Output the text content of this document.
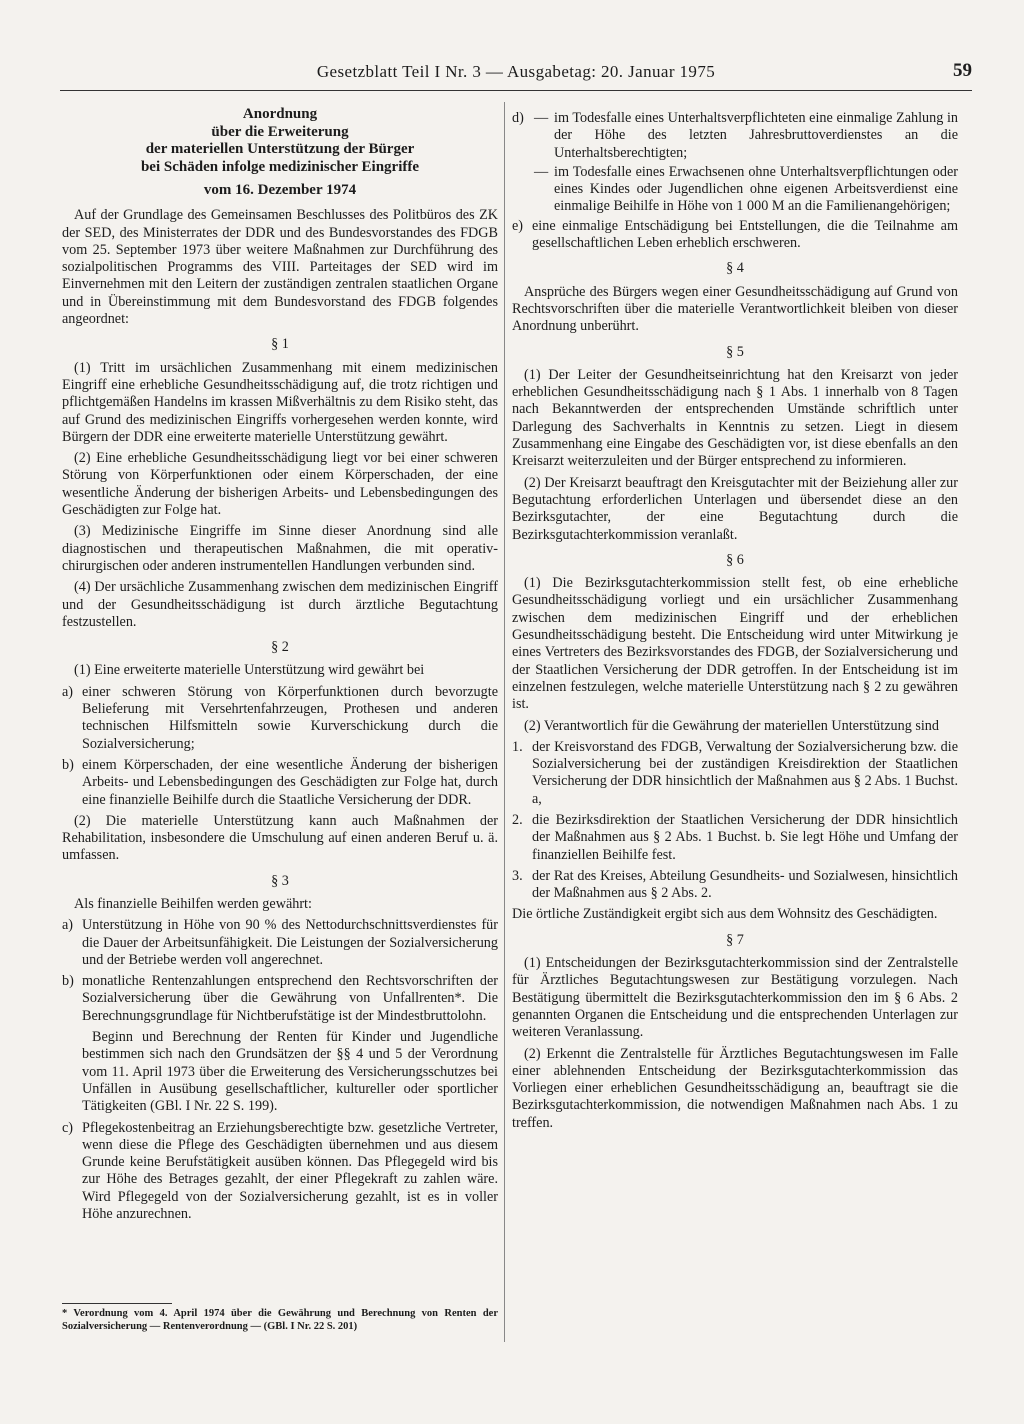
Gesetzblatt Teil I Nr. 3 — Ausgabetag: 20. Januar 1975	59
Anordnung
über die Erweiterung
der materiellen Unterstützung der Bürger
bei Schäden infolge medizinischer Eingriffe
vom 16. Dezember 1974

Auf der Grundlage des Gemeinsamen Beschlusses des Politbüros des ZK der SED, des Ministerrates der DDR und des Bundesvorstandes des FDGB vom 25. September 1973 über weitere Maßnahmen zur Durchführung des sozialpolitischen Programms des VIII. Parteitages der SED wird im Einvernehmen mit den Leitern der zuständigen zentralen staatlichen Organe und in Übereinstimmung mit dem Bundesvorstand des FDGB folgendes angeordnet:

§ 1

(1) Tritt im ursächlichen Zusammenhang mit einem medizinischen Eingriff eine erhebliche Gesundheitsschädigung auf, die trotz richtigen und pflichtgemäßen Handelns im krassen Mißverhältnis zu dem Risiko steht, das auf Grund des medizinischen Eingriffs vorhergesehen werden konnte, wird Bürgern der DDR eine erweiterte materielle Unterstützung gewährt.

(2) Eine erhebliche Gesundheitsschädigung liegt vor bei einer schweren Störung von Körperfunktionen oder einem Körperschaden, der eine wesentliche Änderung der bisherigen Arbeits- und Lebensbedingungen des Geschädigten zur Folge hat.

(3) Medizinische Eingriffe im Sinne dieser Anordnung sind alle diagnostischen und therapeutischen Maßnahmen, die mit operativ-chirurgischen oder anderen instrumentellen Handlungen verbunden sind.

(4) Der ursächliche Zusammenhang zwischen dem medizinischen Eingriff und der Gesundheitsschädigung ist durch ärztliche Begutachtung festzustellen.

§ 2

(1) Eine erweiterte materielle Unterstützung wird gewährt bei

a) einer schweren Störung von Körperfunktionen durch bevorzugte Belieferung mit Versehrtenfahrzeugen, Prothesen und anderen technischen Hilfsmitteln sowie Kurverschickung durch die Sozialversicherung;
b) einem Körperschaden, der eine wesentliche Änderung der bisherigen Arbeits- und Lebensbedingungen des Geschädigten zur Folge hat, durch eine finanzielle Beihilfe durch die Staatliche Versicherung der DDR.

(2) Die materielle Unterstützung kann auch Maßnahmen der Rehabilitation, insbesondere die Umschulung auf einen anderen Beruf u. ä. umfassen.

§ 3

Als finanzielle Beihilfen werden gewährt:

a) Unterstützung in Höhe von 90 % des Nettodurchschnittsverdienstes für die Dauer der Arbeitsunfähigkeit. Die Leistungen der Sozialversicherung und der Betriebe werden voll angerechnet.
b) monatliche Rentenzahlungen entsprechend den Rechtsvorschriften der Sozialversicherung über die Gewährung von Unfallrenten*. Die Berechnungsgrundlage für Nichtberufstätige ist der Mindestbruttolohn.

Beginn und Berechnung der Renten für Kinder und Jugendliche bestimmen sich nach den Grundsätzen der §§ 4 und 5 der Verordnung vom 11. April 1973 über die Erweiterung des Versicherungsschutzes bei Unfällen in Ausübung gesellschaftlicher, kultureller oder sportlicher Tätigkeiten (GBl. I Nr. 22 S. 199).

c) Pflegekostenbeitrag an Erziehungsberechtigte bzw. gesetzliche Vertreter, wenn diese die Pflege des Geschädigten übernehmen und aus diesem Grunde keine Berufstätigkeit ausüben können. Das Pflegegeld wird bis zur Höhe des Betrages gezahlt, der einer Pflegekraft zu zahlen wäre. Wird Pflegegeld von der Sozialversicherung gezahlt, ist es in voller Höhe anzurechnen.
* Verordnung vom 4. April 1974 über die Gewährung und Berechnung von Renten der Sozialversicherung — Rentenverordnung — (GBl. I Nr. 22 S. 201)
d) — im Todesfalle eines Unterhaltsverpflichteten eine einmalige Zahlung in der Höhe des letzten Jahresbruttoverdienstes an die Unterhaltsberechtigten;
— im Todesfalle eines Erwachsenen ohne Unterhaltsverpflichtungen oder eines Kindes oder Jugendlichen ohne eigenen Arbeitsverdienst eine einmalige Beihilfe in Höhe von 1 000 M an die Familienangehörigen;
e) eine einmalige Entschädigung bei Entstellungen, die die Teilnahme am gesellschaftlichen Leben erheblich erschweren.
§ 4

Ansprüche des Bürgers wegen einer Gesundheitsschädigung auf Grund von Rechtsvorschriften über die materielle Verantwortlichkeit bleiben von dieser Anordnung unberührt.

§ 5

(1) Der Leiter der Gesundheitseinrichtung hat den Kreisarzt von jeder erheblichen Gesundheitsschädigung nach § 1 Abs. 1 innerhalb von 8 Tagen nach Bekanntwerden der entsprechenden Umstände schriftlich unter Darlegung des Sachverhalts in Kenntnis zu setzen. Liegt in diesem Zusammenhang eine Eingabe des Geschädigten vor, ist diese ebenfalls an den Kreisarzt weiterzuleiten und der Bürger entsprechend zu informieren.

(2) Der Kreisarzt beauftragt den Kreisgutachter mit der Beiziehung aller zur Begutachtung erforderlichen Unterlagen und übersendet diese an den Bezirksgutachter, der eine Begutachtung durch die Bezirksgutachterkommission veranlaßt.

§ 6

(1) Die Bezirksgutachterkommission stellt fest, ob eine erhebliche Gesundheitsschädigung vorliegt und ein ursächlicher Zusammenhang zwischen dem medizinischen Eingriff und der erheblichen Gesundheitsschädigung besteht. Die Entscheidung wird unter Mitwirkung je eines Vertreters des Bezirksvorstandes des FDGB, der Sozialversicherung und der Staatlichen Versicherung der DDR getroffen. In der Entscheidung ist im einzelnen festzulegen, welche materielle Unterstützung nach § 2 zu gewähren ist.

(2) Verantwortlich für die Gewährung der materiellen Unterstützung sind

1. der Kreisvorstand des FDGB, Verwaltung der Sozialversicherung bzw. die Sozialversicherung bei der zuständigen Kreisdirektion der Staatlichen Versicherung der DDR hinsichtlich der Maßnahmen aus § 2 Abs. 1 Buchst. a,
2. die Bezirksdirektion der Staatlichen Versicherung der DDR hinsichtlich der Maßnahmen aus § 2 Abs. 1 Buchst. b. Sie legt Höhe und Umfang der finanziellen Beihilfe fest.
3. der Rat des Kreises, Abteilung Gesundheits- und Sozialwesen, hinsichtlich der Maßnahmen aus § 2 Abs. 2.

Die örtliche Zuständigkeit ergibt sich aus dem Wohnsitz des Geschädigten.

§ 7

(1) Entscheidungen der Bezirksgutachterkommission sind der Zentralstelle für Ärztliches Begutachtungswesen zur Bestätigung vorzulegen. Nach Bestätigung übermittelt die Bezirksgutachterkommission den im § 6 Abs. 2 genannten Organen die Entscheidung und die entsprechenden Unterlagen zur weiteren Veranlassung.

(2) Erkennt die Zentralstelle für Ärztliches Begutachtungswesen im Falle einer ablehnenden Entscheidung der Bezirksgutachterkommission das Vorliegen einer erheblichen Gesundheitsschädigung an, beauftragt sie die Bezirksgutachterkommission, die notwendigen Maßnahmen nach Abs. 1 zu treffen.
